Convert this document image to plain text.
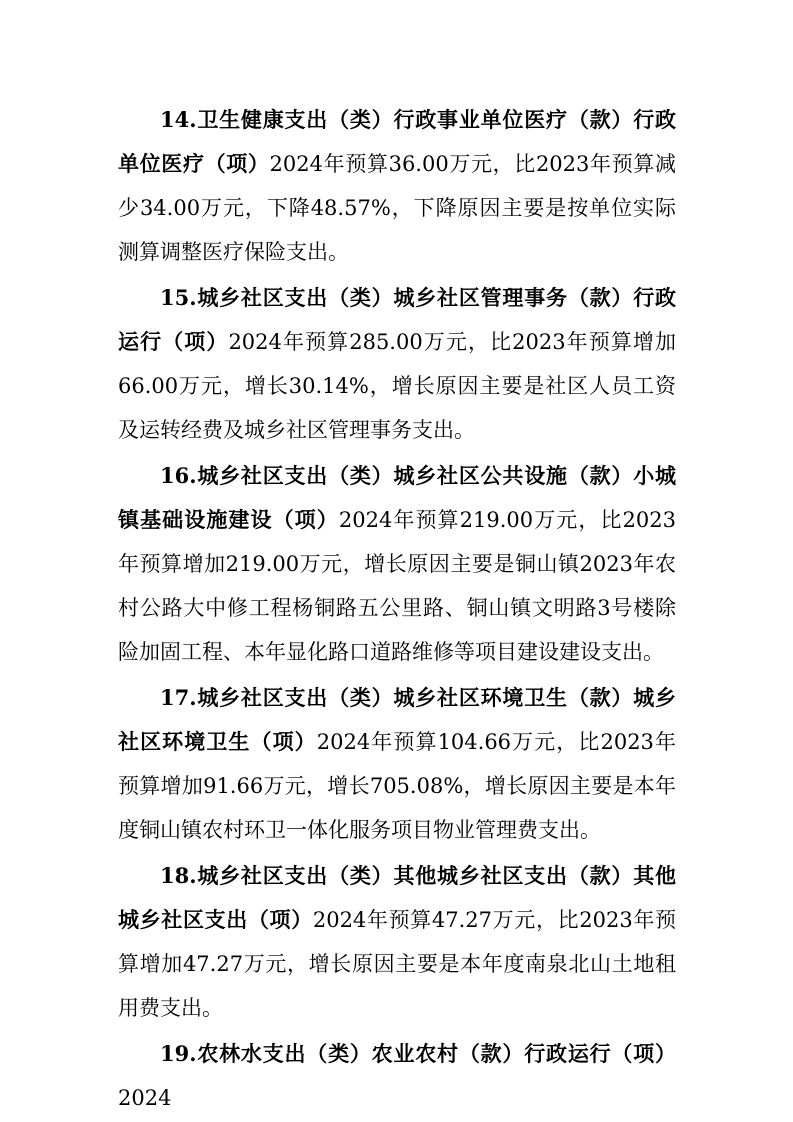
14.卫生健康支出（类）行政事业单位医疗（款）行政单位医疗（项）2024年预算36.00万元，比2023年预算减少34.00万元，下降48.57%，下降原因主要是按单位实际测算调整医疗保险支出。

15.城乡社区支出（类）城乡社区管理事务（款）行政运行（项）2024年预算285.00万元，比2023年预算增加66.00万元，增长30.14%，增长原因主要是社区人员工资及运转经费及城乡社区管理事务支出。

16.城乡社区支出（类）城乡社区公共设施（款）小城镇基础设施建设（项）2024年预算219.00万元，比2023年预算增加219.00万元，增长原因主要是铜山镇2023年农村公路大中修工程杨铜路五公里路、铜山镇文明路3号楼除险加固工程、本年显化路口道路维修等项目建设建设支出。

17.城乡社区支出（类）城乡社区环境卫生（款）城乡社区环境卫生（项）2024年预算104.66万元，比2023年预算增加91.66万元，增长705.08%，增长原因主要是本年度铜山镇农村环卫一体化服务项目物业管理费支出。

18.城乡社区支出（类）其他城乡社区支出（款）其他城乡社区支出（项）2024年预算47.27万元，比2023年预算增加47.27万元，增长原因主要是本年度南泉北山土地租用费支出。

19.农林水支出（类）农业农村（款）行政运行（项）2024
